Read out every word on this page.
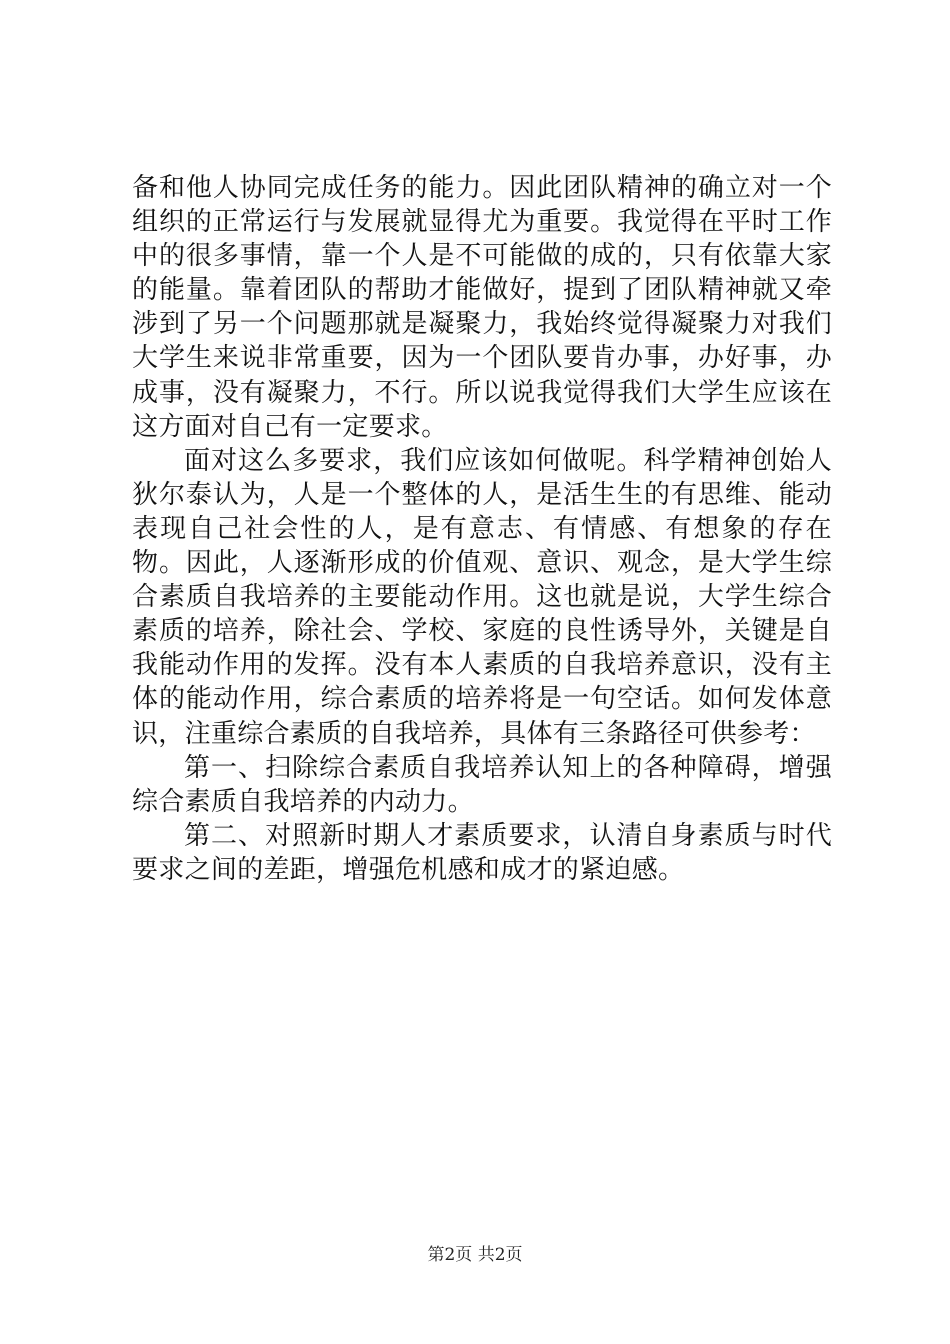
备和他人协同完成任务的能力。因此团队精神的确立对一个组织的正常运行与发展就显得尤为重要。我觉得在平时工作中的很多事情，靠一个人是不可能做的成的，只有依靠大家的能量。靠着团队的帮助才能做好，提到了团队精神就又牵涉到了另一个问题那就是凝聚力，我始终觉得凝聚力对我们大学生来说非常重要，因为一个团队要肯办事，办好事，办成事，没有凝聚力，不行。所以说我觉得我们大学生应该在这方面对自己有一定要求。

面对这么多要求，我们应该如何做呢。科学精神创始人狄尔泰认为，人是一个整体的人，是活生生的有思维、能动表现自己社会性的人，是有意志、有情感、有想象的存在物。因此，人逐渐形成的价值观、意识、观念，是大学生综合素质自我培养的主要能动作用。这也就是说，大学生综合素质的培养，除社会、学校、家庭的良性诱导外，关键是自我能动作用的发挥。没有本人素质的自我培养意识，没有主体的能动作用，综合素质的培养将是一句空话。如何发体意识，注重综合素质的自我培养，具体有三条路径可供参考：

第一、扫除综合素质自我培养认知上的各种障碍，增强综合素质自我培养的内动力。

第二、对照新时期人才素质要求，认清自身素质与时代要求之间的差距，增强危机感和成才的紧迫感。

第2页 共2页
